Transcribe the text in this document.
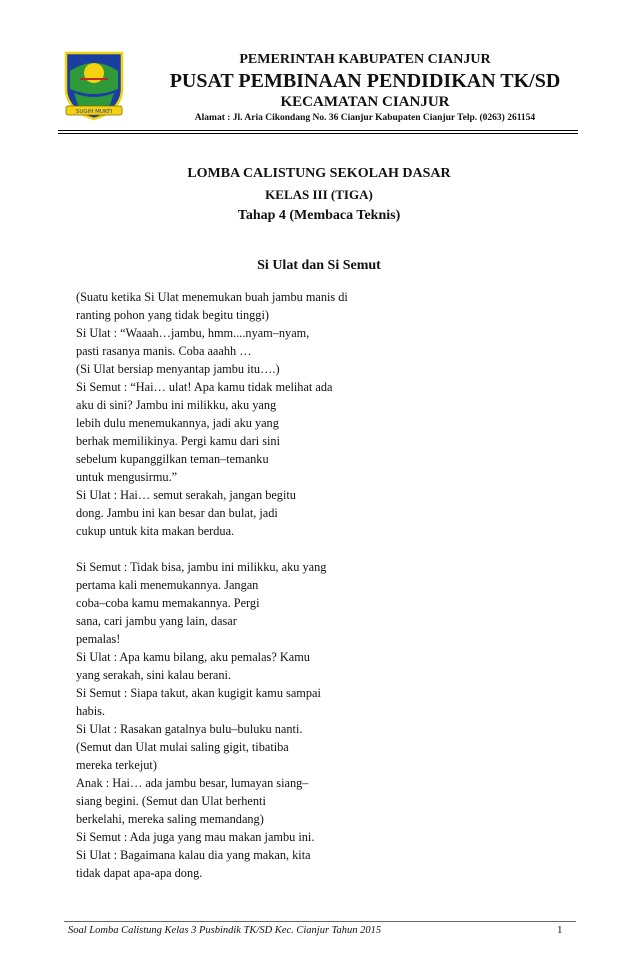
SUGIH MUKTI
PEMERINTAH KABUPATEN CIANJUR
PUSAT PEMBINAAN PENDIDIKAN TK/SD
KECAMATAN CIANJUR
Alamat : Jl. Aria Cikondang No. 36 Cianjur Kabupaten Cianjur Telp. (0263) 261154
LOMBA CALISTUNG SEKOLAH DASAR
KELAS III (TIGA)
Tahap 4 (Membaca Teknis)
Si Ulat dan Si Semut
(Suatu ketika Si Ulat menemukan buah jambu manis di
ranting pohon yang tidak begitu tinggi)
Si Ulat : “Waaah…jambu, hmm....nyam–nyam,
pasti rasanya manis. Coba aaahh …
(Si Ulat bersiap menyantap jambu itu….)
Si Semut : “Hai… ulat! Apa kamu tidak melihat ada
aku di sini? Jambu ini milikku, aku yang
lebih dulu menemukannya, jadi aku yang
berhak memilikinya. Pergi kamu dari sini
sebelum kupanggilkan teman–temanku
untuk mengusirmu.”
Si Ulat : Hai… semut serakah, jangan begitu
dong. Jambu ini kan besar dan bulat, jadi
cukup untuk kita makan berdua.
Si Semut : Tidak bisa, jambu ini milikku, aku yang
pertama kali menemukannya. Jangan
coba–coba kamu memakannya. Pergi
sana, cari jambu yang lain, dasar
pemalas!
Si Ulat : Apa kamu bilang, aku pemalas? Kamu
yang serakah, sini kalau berani.
Si Semut : Siapa takut, akan kugigit kamu sampai
habis.
Si Ulat : Rasakan gatalnya bulu–buluku nanti.
(Semut dan Ulat mulai saling gigit, tibatiba
mereka terkejut)
Anak : Hai… ada jambu besar, lumayan siang–
siang begini. (Semut dan Ulat berhenti
berkelahi, mereka saling memandang)
Si Semut : Ada juga yang mau makan jambu ini.
Si Ulat : Bagaimana kalau dia yang makan, kita
tidak dapat apa-apa dong.
Soal Lomba Calistung Kelas 3 Pusbindik TK/SD Kec. Cianjur Tahun 2015	1
